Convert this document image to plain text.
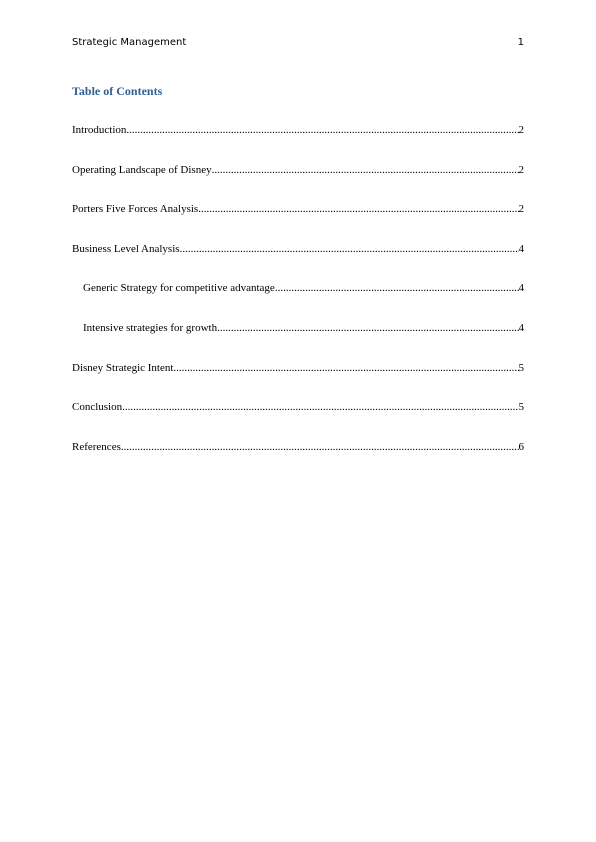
Strategic Management	1
Table of Contents
Introduction .....	2
Operating Landscape of Disney .....	2
Porters Five Forces Analysis .....	2
Business Level Analysis .....	4
Generic Strategy for competitive advantage .....	4
Intensive strategies for growth .....	4
Disney Strategic Intent .....	5
Conclusion .....	5
References .....	6
